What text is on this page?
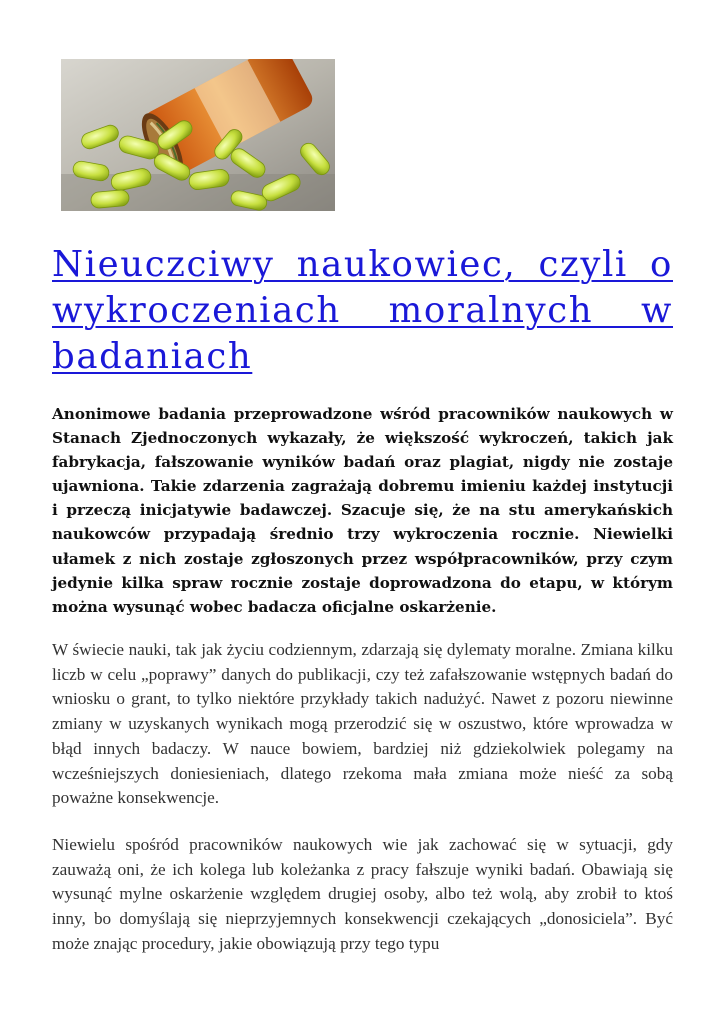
Nieuczciwy naukowiec, czyli o wykroczeniach moralnych w badaniach

Anonimowe badania przeprowadzone wśród pracowników naukowych w Stanach Zjednoczonych wykazały, że większość wykroczeń, takich jak fabrykacja, fałszowanie wyników badań oraz plagiat, nigdy nie zostaje ujawniona. Takie zdarzenia zagrażają dobremu imieniu każdej instytucji i przeczą inicjatywie badawczej. Szacuje się, że na stu amerykańskich naukowców przypadają średnio trzy wykroczenia rocznie. Niewielki ułamek z nich zostaje zgłoszonych przez współpracowników, przy czym jedynie kilka spraw rocznie zostaje doprowadzona do etapu, w którym można wysunąć wobec badacza oficjalne oskarżenie.

W świecie nauki, tak jak życiu codziennym, zdarzają się dylematy moralne. Zmiana kilku liczb w celu „poprawy” danych do publikacji, czy też zafałszowanie wstępnych badań do wniosku o grant, to tylko niektóre przykłady takich nadużyć. Nawet z pozoru niewinne zmiany w uzyskanych wynikach mogą przerodzić się w oszustwo, które wprowadza w błąd innych badaczy. W nauce bowiem, bardziej niż gdziekolwiek polegamy na wcześniejszych doniesieniach, dlatego rzekoma mała zmiana może nieść za sobą poważne konsekwencje.

Niewielu spośród pracowników naukowych wie jak zachować się w sytuacji, gdy zauważą oni, że ich kolega lub koleżanka z pracy fałszuje wyniki badań. Obawiają się wysunąć mylne oskarżenie względem drugiej osoby, albo też wolą, aby zrobił to ktoś inny, bo domyślają się nieprzyjemnych konsekwencji czekających „donosiciela”. Być może znając procedury, jakie obowiązują przy tego typu
